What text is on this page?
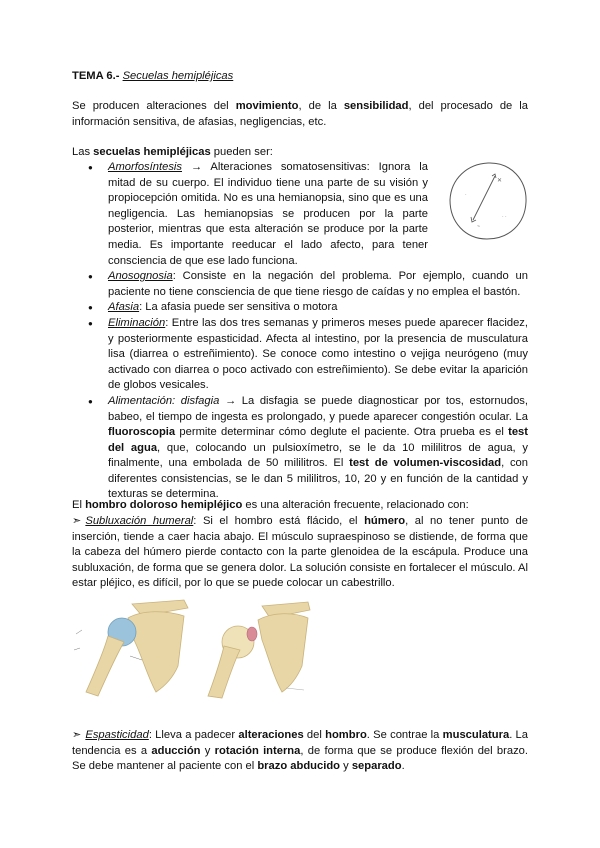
TEMA 6.- Secuelas hemipléjicas

Se producen alteraciones del movimiento, de la sensibilidad, del procesado de la información sensitiva, de afasias, negligencias, etc.

Las secuelas hemipléjicas pueden ser:

● Amorfosíntesis → Alteraciones somatosensitivas: Ignora la mitad de su cuerpo. El individuo tiene una parte de su visión y propiocepción omitida. No es una hemianopsia, sino que es una negligencia. Las hemianopsias se producen por la parte posterior, mientras que esta alteración se produce por la parte media. Es importante reeducar el lado afecto, para tener consciencia de que ese lado funciona.
● Anosognosia: Consiste en la negación del problema. Por ejemplo, cuando un paciente no tiene consciencia de que tiene riesgo de caídas y no emplea el bastón.
● Afasia: La afasia puede ser sensitiva o motora
● Eliminación: Entre las dos tres semanas y primeros meses puede aparecer flacidez, y posteriormente espasticidad. Afecta al intestino, por la presencia de musculatura lisa (diarrea o estreñimiento). Se conoce como intestino o vejiga neurógeno (muy activado con diarrea o poco activado con estreñimiento). Se debe evitar la aparición de globos vesicales.
● Alimentación: disfagia → La disfagia se puede diagnosticar por tos, estornudos, babeo, el tiempo de ingesta es prolongado, y puede aparecer congestión ocular. La fluoroscopia permite determinar cómo deglute el paciente. Otra prueba es el test del agua, que, colocando un pulsioxímetro, se le da 10 mililitros de agua, y finalmente, una embolada de 50 mililitros. El test de volumen-viscosidad, con diferentes consistencias, se le dan 5 mililitros, 10, 20 y en función de la cantidad y texturas se determina.
✕
~
· ·
·

El hombro doloroso hemipléjico es una alteración frecuente, relacionado con:

➣ Subluxación humeral: Si el hombro está flácido, el húmero, al no tener punto de inserción, tiende a caer hacia abajo. El músculo supraespinoso se distiende, de forma que la cabeza del húmero pierde contacto con la parte glenoidea de la escápula. Produce una subluxación, de forma que se genera dolor. La solución consiste en fortalecer el músculo. Al estar pléjico, es difícil, por lo que se puede colocar un cabestrillo.

➣ Espasticidad: Lleva a padecer alteraciones del hombro. Se contrae la musculatura. La tendencia es a aducción y rotación interna, de forma que se produce flexión del brazo. Se debe mantener al paciente con el brazo abducido y separado.
